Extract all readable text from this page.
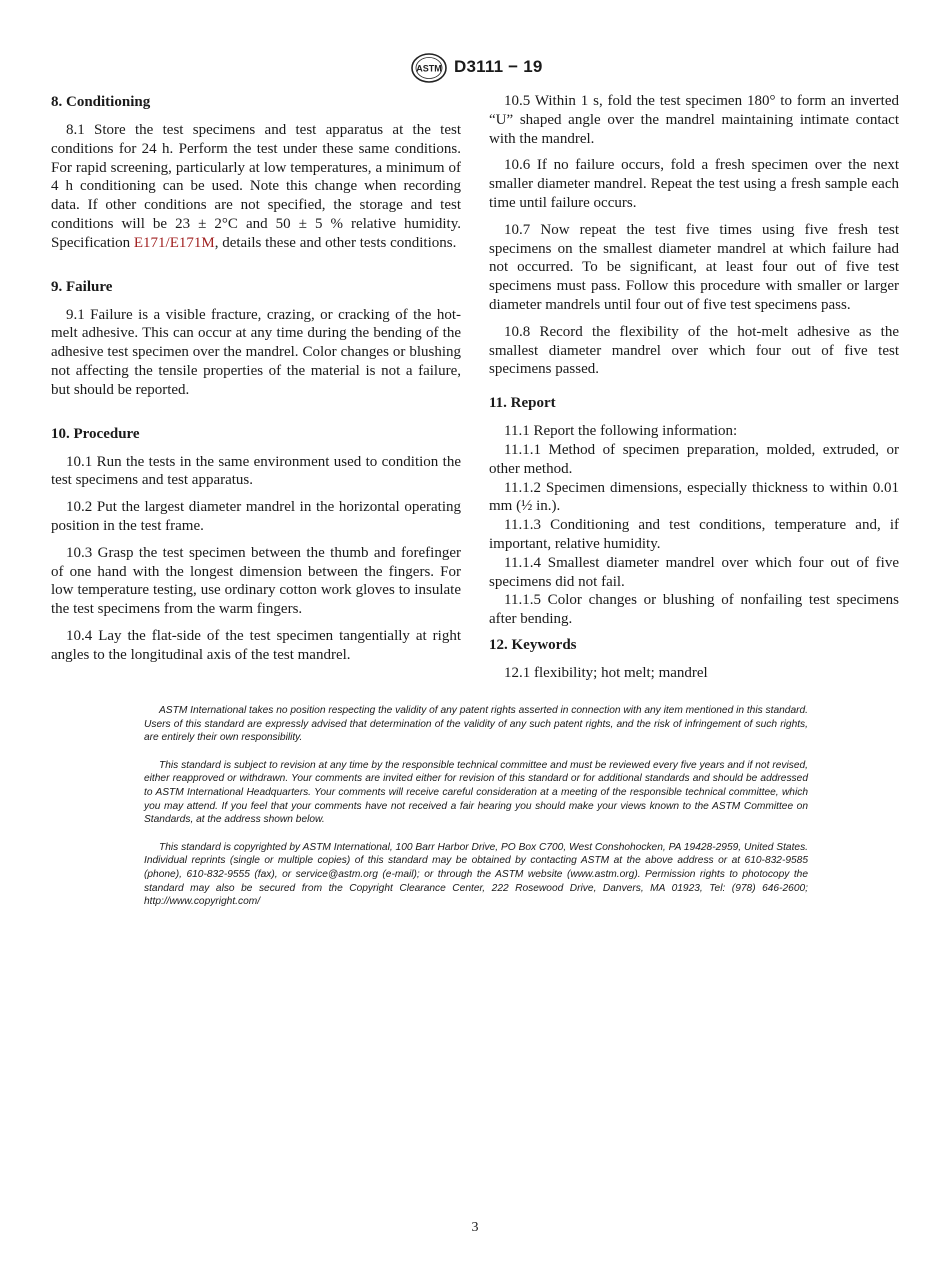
ASTM D3111 − 19
8. Conditioning

8.1 Store the test specimens and test apparatus at the test conditions for 24 h. Perform the test under these same conditions. For rapid screening, particularly at low temperatures, a minimum of 4 h conditioning can be used. Note this change when recording data. If other conditions are not specified, the storage and test conditions will be 23 ± 2°C and 50 ± 5 % relative humidity. Specification E171/E171M, details these and other tests conditions.

9. Failure

9.1 Failure is a visible fracture, crazing, or cracking of the hot-melt adhesive. This can occur at any time during the bending of the adhesive test specimen over the mandrel. Color changes or blushing not affecting the tensile properties of the material is not a failure, but should be reported.

10. Procedure

10.1 Run the tests in the same environment used to condition the test specimens and test apparatus.

10.2 Put the largest diameter mandrel in the horizontal operating position in the test frame.

10.3 Grasp the test specimen between the thumb and forefinger of one hand with the longest dimension between the fingers. For low temperature testing, use ordinary cotton work gloves to insulate the test specimens from the warm fingers.

10.4 Lay the flat-side of the test specimen tangentially at right angles to the longitudinal axis of the test mandrel.

10.5 Within 1 s, fold the test specimen 180° to form an inverted “U” shaped angle over the mandrel maintaining intimate contact with the mandrel.

10.6 If no failure occurs, fold a fresh specimen over the next smaller diameter mandrel. Repeat the test using a fresh sample each time until failure occurs.

10.7 Now repeat the test five times using five fresh test specimens on the smallest diameter mandrel at which failure had not occurred. To be significant, at least four out of five test specimens must pass. Follow this procedure with smaller or larger diameter mandrels until four out of five test specimens pass.

10.8 Record the flexibility of the hot-melt adhesive as the smallest diameter mandrel over which four out of five test specimens passed.

11. Report

11.1 Report the following information:

11.1.1 Method of specimen preparation, molded, extruded, or other method.

11.1.2 Specimen dimensions, especially thickness to within 0.01 mm (½ in.).

11.1.3 Conditioning and test conditions, temperature and, if important, relative humidity.

11.1.4 Smallest diameter mandrel over which four out of five specimens did not fail.

11.1.5 Color changes or blushing of nonfailing test specimens after bending.

12. Keywords

12.1 flexibility; hot melt; mandrel

ASTM International takes no position respecting the validity of any patent rights asserted in connection with any item mentioned in this standard. Users of this standard are expressly advised that determination of the validity of any such patent rights, and the risk of infringement of such rights, are entirely their own responsibility.

This standard is subject to revision at any time by the responsible technical committee and must be reviewed every five years and if not revised, either reapproved or withdrawn. Your comments are invited either for revision of this standard or for additional standards and should be addressed to ASTM International Headquarters. Your comments will receive careful consideration at a meeting of the responsible technical committee, which you may attend. If you feel that your comments have not received a fair hearing you should make your views known to the ASTM Committee on Standards, at the address shown below.

This standard is copyrighted by ASTM International, 100 Barr Harbor Drive, PO Box C700, West Conshohocken, PA 19428-2959, United States. Individual reprints (single or multiple copies) of this standard may be obtained by contacting ASTM at the above address or at 610-832-9585 (phone), 610-832-9555 (fax), or service@astm.org (e-mail); or through the ASTM website (www.astm.org). Permission rights to photocopy the standard may also be secured from the Copyright Clearance Center, 222 Rosewood Drive, Danvers, MA 01923, Tel: (978) 646-2600; http://www.copyright.com/

3
